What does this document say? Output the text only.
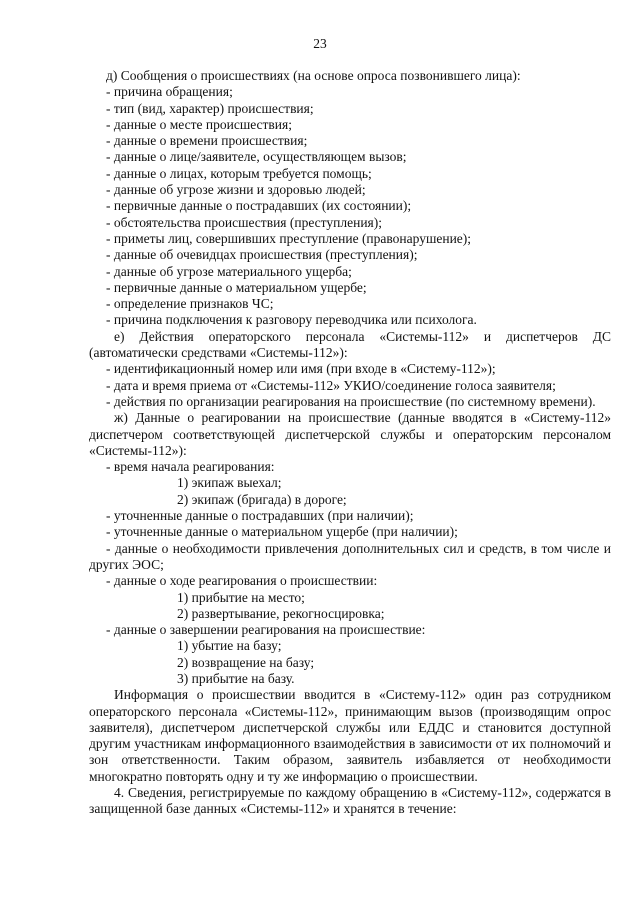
23
д) Сообщения о происшествиях (на основе опроса позвонившего лица):
- причина обращения;
- тип (вид, характер) происшествия;
- данные о месте происшествия;
- данные о времени происшествия;
- данные о лице/заявителе, осуществляющем вызов;
- данные о лицах, которым требуется помощь;
- данные об угрозе жизни и здоровью людей;
- первичные данные о пострадавших (их состоянии);
- обстоятельства происшествия (преступления);
- приметы лиц, совершивших преступление (правонарушение);
- данные об очевидцах происшествия (преступления);
- данные об угрозе материального ущерба;
- первичные данные о материальном ущербе;
- определение признаков ЧС;
- причина подключения к разговору переводчика или психолога.
е) Действия операторского персонала «Системы-112» и диспетчеров ДС (автоматически средствами «Системы-112»):
- идентификационный номер или имя (при входе в «Систему-112»);
- дата и время приема от «Системы-112» УКИО/соединение голоса заявителя;
- действия по организации реагирования на происшествие (по системному времени).
ж) Данные о реагировании на происшествие (данные вводятся в «Систему-112» диспетчером соответствующей диспетчерской службы и операторским персоналом «Системы-112»):
- время начала реагирования:
1) экипаж выехал;
2) экипаж (бригада) в дороге;
- уточненные данные о пострадавших (при наличии);
- уточненные данные о материальном ущербе (при наличии);
- данные о необходимости привлечения дополнительных сил и средств, в том числе и других ЭОС;
- данные о ходе реагирования о происшествии:
1) прибытие на место;
2) развертывание, рекогносцировка;
- данные о завершении реагирования на происшествие:
1) убытие на базу;
2) возвращение на базу;
3) прибытие на базу.
Информация о происшествии вводится в «Систему-112» один раз сотрудником операторского персонала «Системы-112», принимающим вызов (производящим опрос заявителя), диспетчером диспетчерской службы или ЕДДС и становится доступной другим участникам информационного взаимодействия в зависимости от их полномочий и зон ответственности. Таким образом, заявитель избавляется от необходимости многократно повторять одну и ту же информацию о происшествии.
4. Сведения, регистрируемые по каждому обращению в «Систему-112», содержатся в защищенной базе данных «Системы-112» и хранятся в течение:
